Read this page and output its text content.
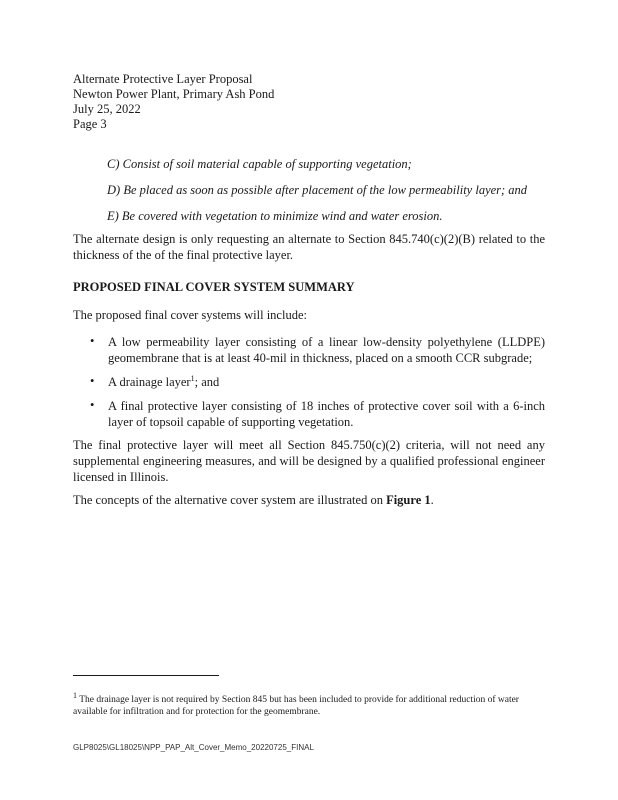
Alternate Protective Layer Proposal
Newton Power Plant, Primary Ash Pond
July 25, 2022
Page 3
C) Consist of soil material capable of supporting vegetation;
D) Be placed as soon as possible after placement of the low permeability layer; and
E) Be covered with vegetation to minimize wind and water erosion.

The alternate design is only requesting an alternate to Section 845.740(c)(2)(B) related to the thickness of the of the final protective layer.

PROPOSED FINAL COVER SYSTEM SUMMARY

The proposed final cover systems will include:

• A low permeability layer consisting of a linear low-density polyethylene (LLDPE) geomembrane that is at least 40-mil in thickness, placed on a smooth CCR subgrade;
• A drainage layer$^1$; and
• A final protective layer consisting of 18 inches of protective cover soil with a 6-inch layer of topsoil capable of supporting vegetation.

The final protective layer will meet all Section 845.750(c)(2) criteria, will not need any supplemental engineering measures, and will be designed by a qualified professional engineer licensed in Illinois.

The concepts of the alternative cover system are illustrated on Figure 1.

$^1$ The drainage layer is not required by Section 845 but has been included to provide for additional reduction of water available for infiltration and for protection for the geomembrane.
GLP8025\GL18025\NPP_PAP_Alt_Cover_Memo_20220725_FINAL
